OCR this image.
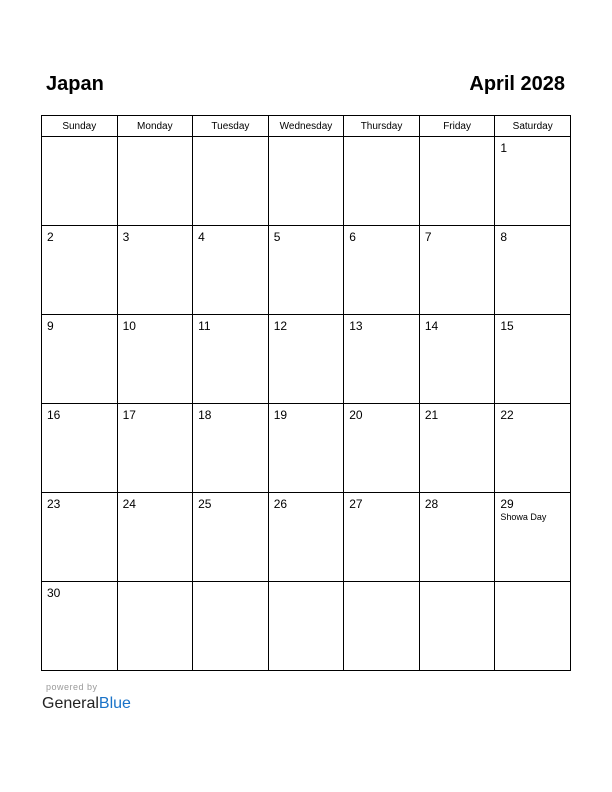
Japan	April 2028
Sunday	Monday	Tuesday	Wednesday	Thursday	Friday	Saturday

						1

2	3	4	5	6	7	8

9	10	11	12	13	14	15

16	17	18	19	20	21	22

23	24	25	26	27	28	29
Showa Day

30						

powered by
GeneralBlue
